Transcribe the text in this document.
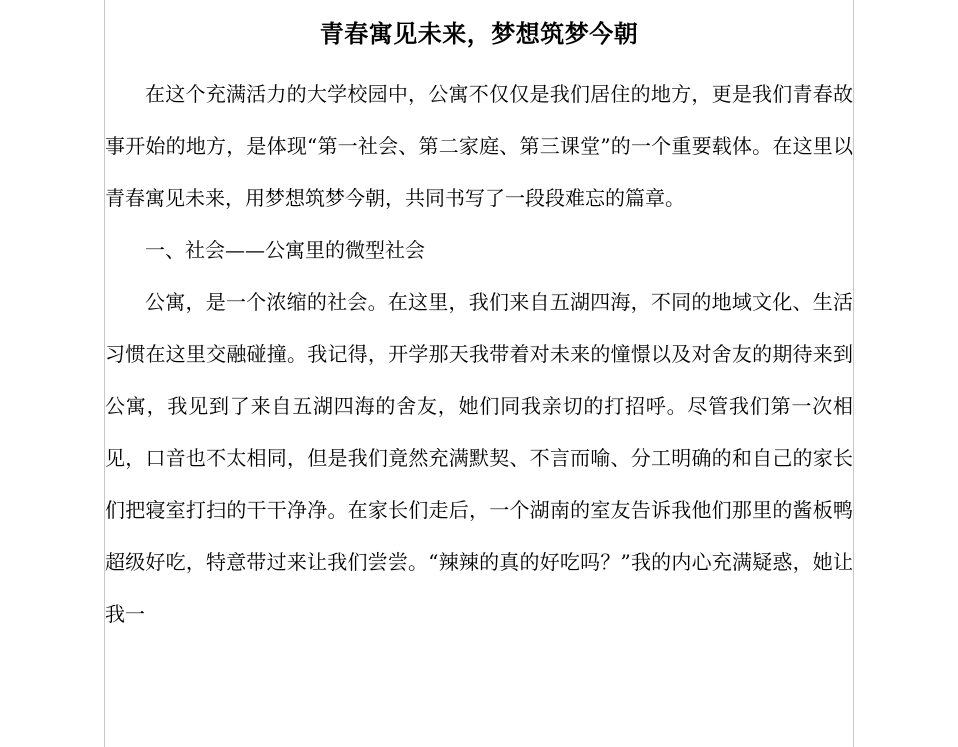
青春寓见未来，梦想筑梦今朝

在这个充满活力的大学校园中，公寓不仅仅是我们居住的地方，更是我们青春故事开始的地方，是体现“第一社会、第二家庭、第三课堂”的一个重要载体。在这里以青春寓见未来，用梦想筑梦今朝，共同书写了一段段难忘的篇章。

一、社会——公寓里的微型社会

公寓，是一个浓缩的社会。在这里，我们来自五湖四海，不同的地域文化、生活习惯在这里交融碰撞。我记得，开学那天我带着对未来的憧憬以及对舍友的期待来到公寓，我见到了来自五湖四海的舍友，她们同我亲切的打招呼。尽管我们第一次相见，口音也不太相同，但是我们竟然充满默契、不言而喻、分工明确的和自己的家长们把寝室打扫的干干净净。在家长们走后，一个湖南的室友告诉我他们那里的酱板鸭超级好吃，特意带过来让我们尝尝。“辣辣的真的好吃吗？”我的内心充满疑惑，她让我一
